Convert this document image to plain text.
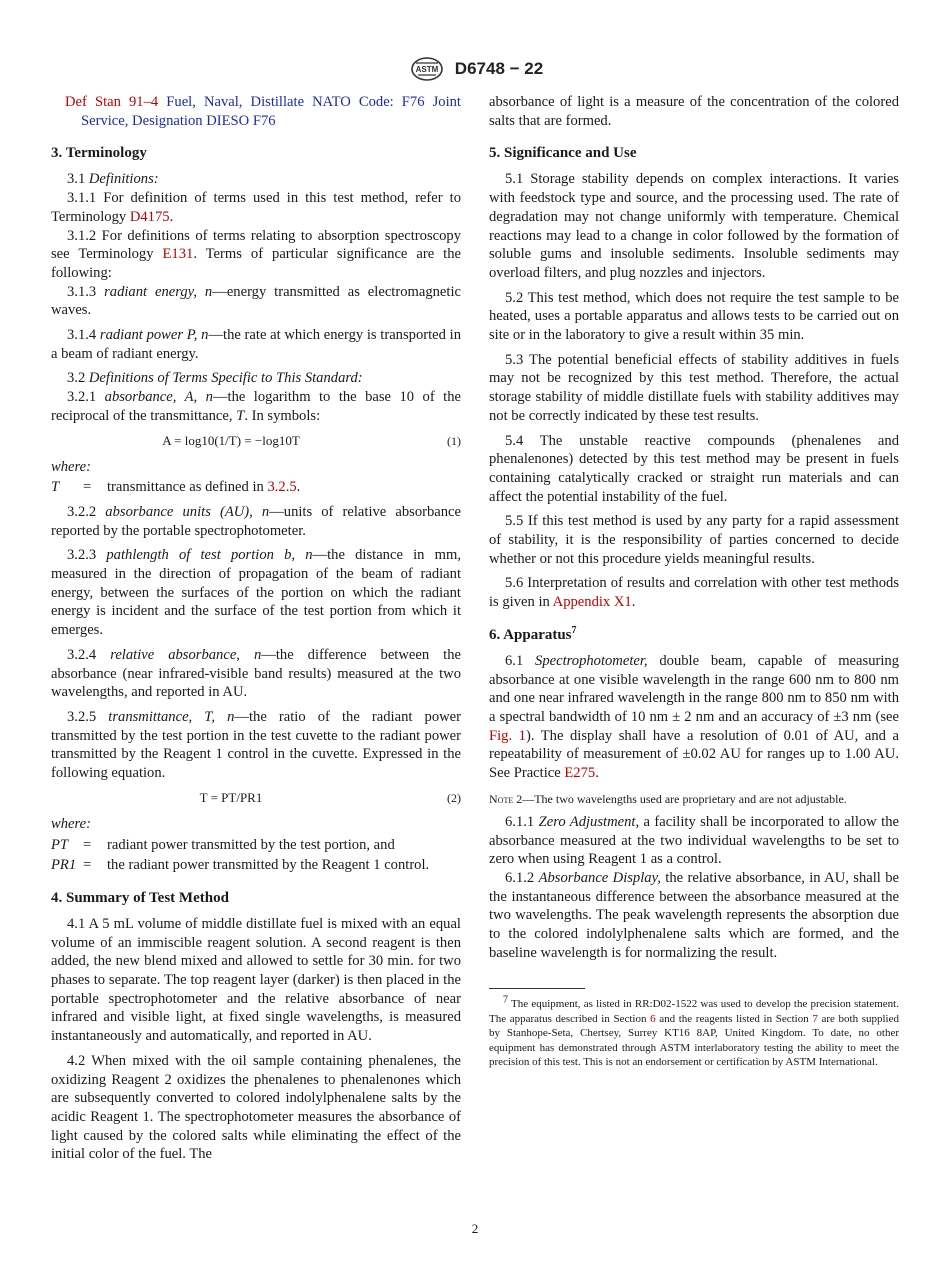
ASTM D6748 − 22

Def Stan 91–4 Fuel, Naval, Distillate NATO Code: F76 Joint Service, Designation DIESO F76

3. Terminology

3.1 Definitions:

3.1.1 For definition of terms used in this test method, refer to Terminology D4175.

3.1.2 For definitions of terms relating to absorption spectroscopy see Terminology E131. Terms of particular significance are the following:

3.1.3 radiant energy, n—energy transmitted as electromagnetic waves.

3.1.4 radiant power P, n—the rate at which energy is transported in a beam of radiant energy.

3.2 Definitions of Terms Specific to This Standard:

3.2.1 absorbance, A, n—the logarithm to the base 10 of the reciprocal of the transmittance, T. In symbols:

A = log10(1/T) = −log10T	(1)

where:

T	=	transmittance as defined in 3.2.5.

3.2.2 absorbance units (AU), n—units of relative absorbance reported by the portable spectrophotometer.

3.2.3 pathlength of test portion b, n—the distance in mm, measured in the direction of propagation of the beam of radiant energy, between the surfaces of the portion on which the radiant energy is incident and the surface of the test portion from which it emerges.

3.2.4 relative absorbance, n—the difference between the absorbance (near infrared-visible band results) measured at the two wavelengths, and reported in AU.

3.2.5 transmittance, T, n—the ratio of the radiant power transmitted by the test portion in the test cuvette to the radiant power transmitted by the Reagent 1 control in the cuvette. Expressed in the following equation.

T = PT/PR1	(2)

where:

PT	=	radiant power transmitted by the test portion, and
PR1 =	the radiant power transmitted by the Reagent 1 control.
4. Summary of Test Method

4.1 A 5 mL volume of middle distillate fuel is mixed with an equal volume of an immiscible reagent solution. A second reagent is then added, the new blend mixed and allowed to settle for 30 min. for two phases to separate. The top reagent layer (darker) is then placed in the portable spectrophotometer and the relative absorbance of near infrared and visible light, at fixed single wavelengths, is measured instantaneously and automatically, and reported in AU.

4.2 When mixed with the oil sample containing phenalenes, the oxidizing Reagent 2 oxidizes the phenalenes to phenalenones which are subsequently converted to colored indolylphenalene salts by the acidic Reagent 1. The spectrophotometer measures the absorbance of light caused by the colored salts while eliminating the effect of the initial color of the fuel. The

absorbance of light is a measure of the concentration of the colored salts that are formed.

5. Significance and Use

5.1 Storage stability depends on complex interactions. It varies with feedstock type and source, and the processing used. The rate of degradation may not change uniformly with temperature. Chemical reactions may lead to a change in color followed by the formation of soluble gums and insoluble sediments. Insoluble sediments may overload filters, and plug nozzles and injectors.

5.2 This test method, which does not require the test sample to be heated, uses a portable apparatus and allows tests to be carried out on site or in the laboratory to give a result within 35 min.

5.3 The potential beneficial effects of stability additives in fuels may not be recognized by this test method. Therefore, the actual storage stability of middle distillate fuels with stability additives may not be correctly indicated by these test results.

5.4 The unstable reactive compounds (phenalenes and phenalenones) detected by this test method may be present in fuels containing catalytically cracked or straight run materials and can affect the potential instability of the fuel.

5.5 If this test method is used by any party for a rapid assessment of stability, it is the responsibility of parties concerned to decide whether or not this procedure yields meaningful results.

5.6 Interpretation of results and correlation with other test methods is given in Appendix X1.

6. Apparatus$^7$

6.1 Spectrophotometer, double beam, capable of measuring absorbance at one visible wavelength in the range 600 nm to 800 nm and one near infrared wavelength in the range 800 nm to 850 nm with a spectral bandwidth of 10 nm ± 2 nm and an accuracy of ±3 nm (see Fig. 1). The display shall have a resolution of 0.01 of AU, and a repeatability of measurement of ±0.02 AU for ranges up to 1.00 AU. See Practice E275.

Note 2—The two wavelengths used are proprietary and are not adjustable.

6.1.1 Zero Adjustment, a facility shall be incorporated to allow the absorbance measured at the two individual wavelengths to be set to zero when using Reagent 1 as a control.

6.1.2 Absorbance Display, the relative absorbance, in AU, shall be the instantaneous difference between the absorbance measured at the two wavelengths. The peak wavelength represents the absorption due to the colored indolylphenalene salts which are formed, and the baseline wavelength is for normalizing the result.

$^7$ The equipment, as listed in RR:D02-1522 was used to develop the precision statement. The apparatus described in Section 6 and the reagents listed in Section 7 are both supplied by Stanhope-Seta, Chertsey, Surrey KT16 8AP, United Kingdom. To date, no other equipment has demonstrated through ASTM interlaboratory testing the ability to meet the precision of this test. This is not an endorsement or certification by ASTM International.

2
